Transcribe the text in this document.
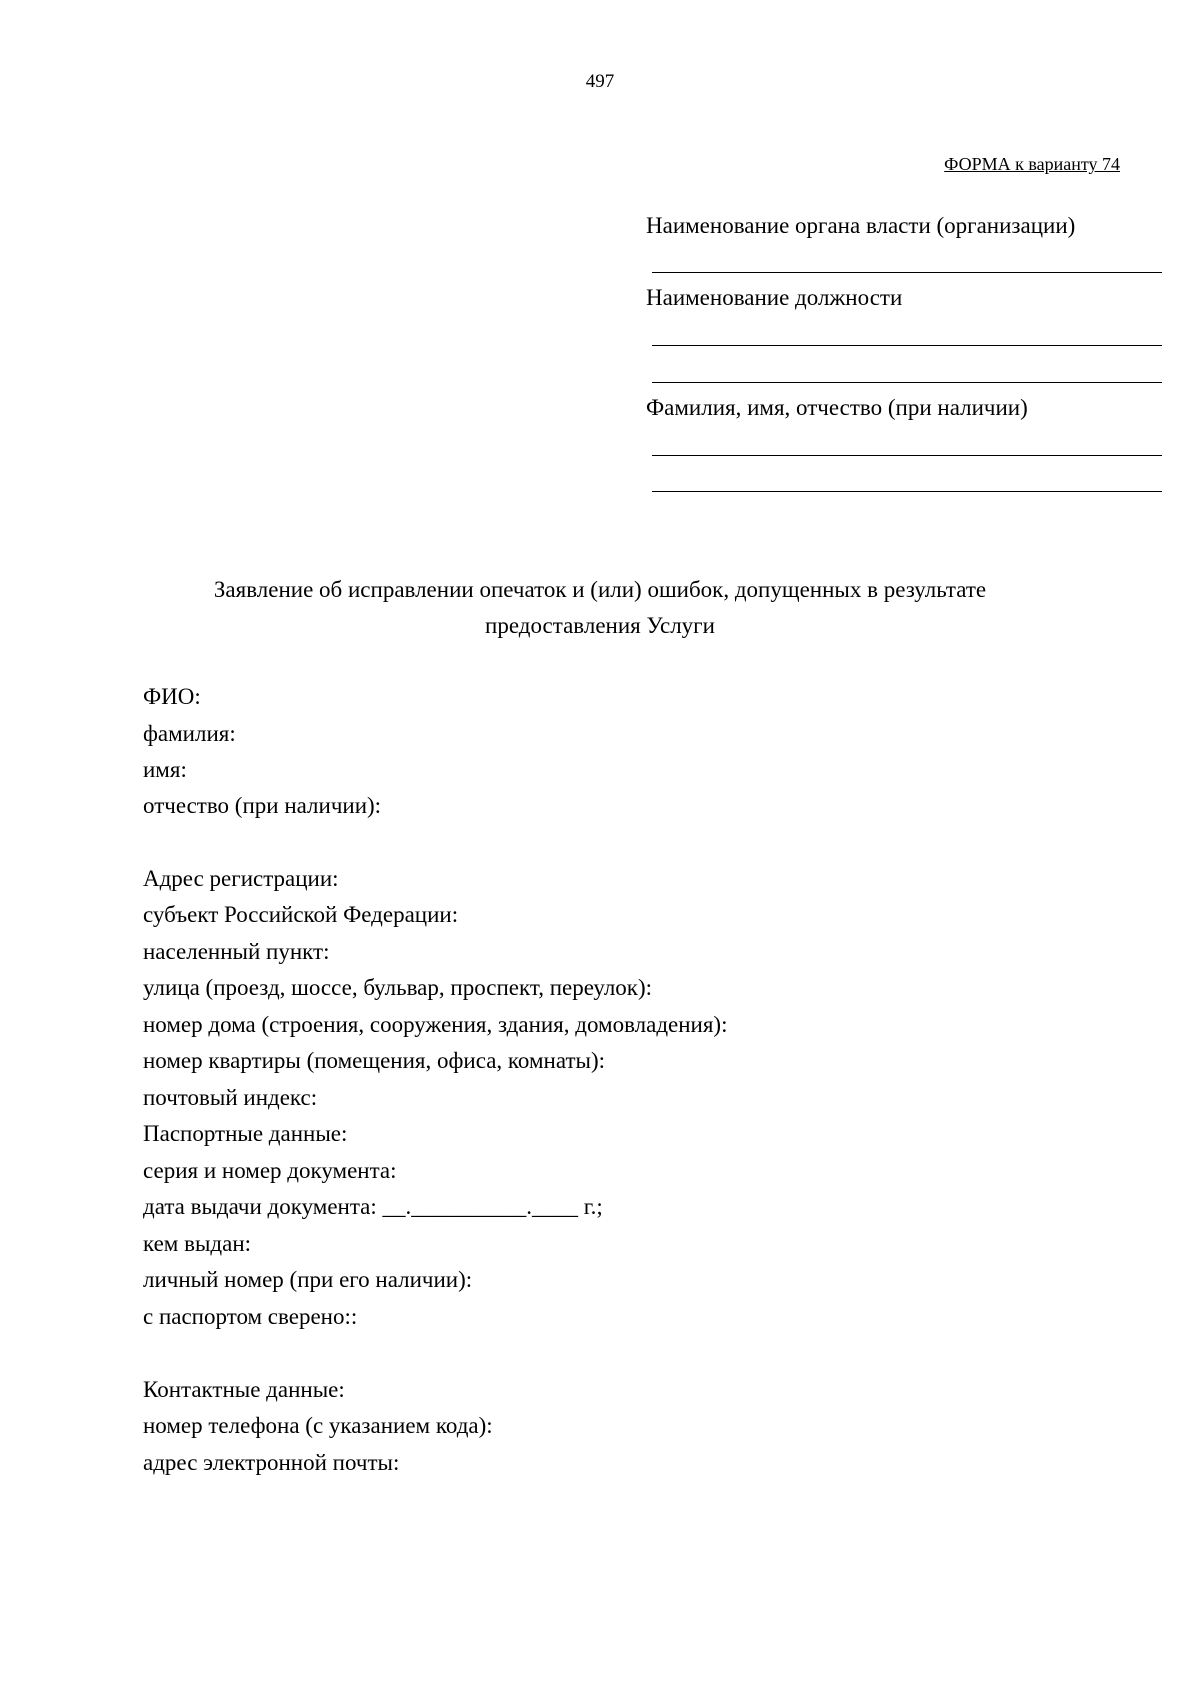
497
ФОРМА к варианту 74
Наименование органа власти (организации)
Наименование должности
Фамилия, имя, отчество (при наличии)
Заявление об исправлении опечаток и (или) ошибок, допущенных в результате
предоставления Услуги
ФИО:
фамилия:
имя:
отчество (при наличии):
Адрес регистрации:
субъект Российской Федерации:
населенный пункт:
улица (проезд, шоссе, бульвар, проспект, переулок):
номер дома (строения, сооружения, здания, домовладения):
номер квартиры (помещения, офиса, комнаты):
почтовый индекс:
Паспортные данные:
серия и номер документа:
дата выдачи документа: __.__________.____ г.;
кем выдан:
личный номер (при его наличии):
с паспортом сверено::
Контактные данные:
номер телефона (с указанием кода):
адрес электронной почты:
